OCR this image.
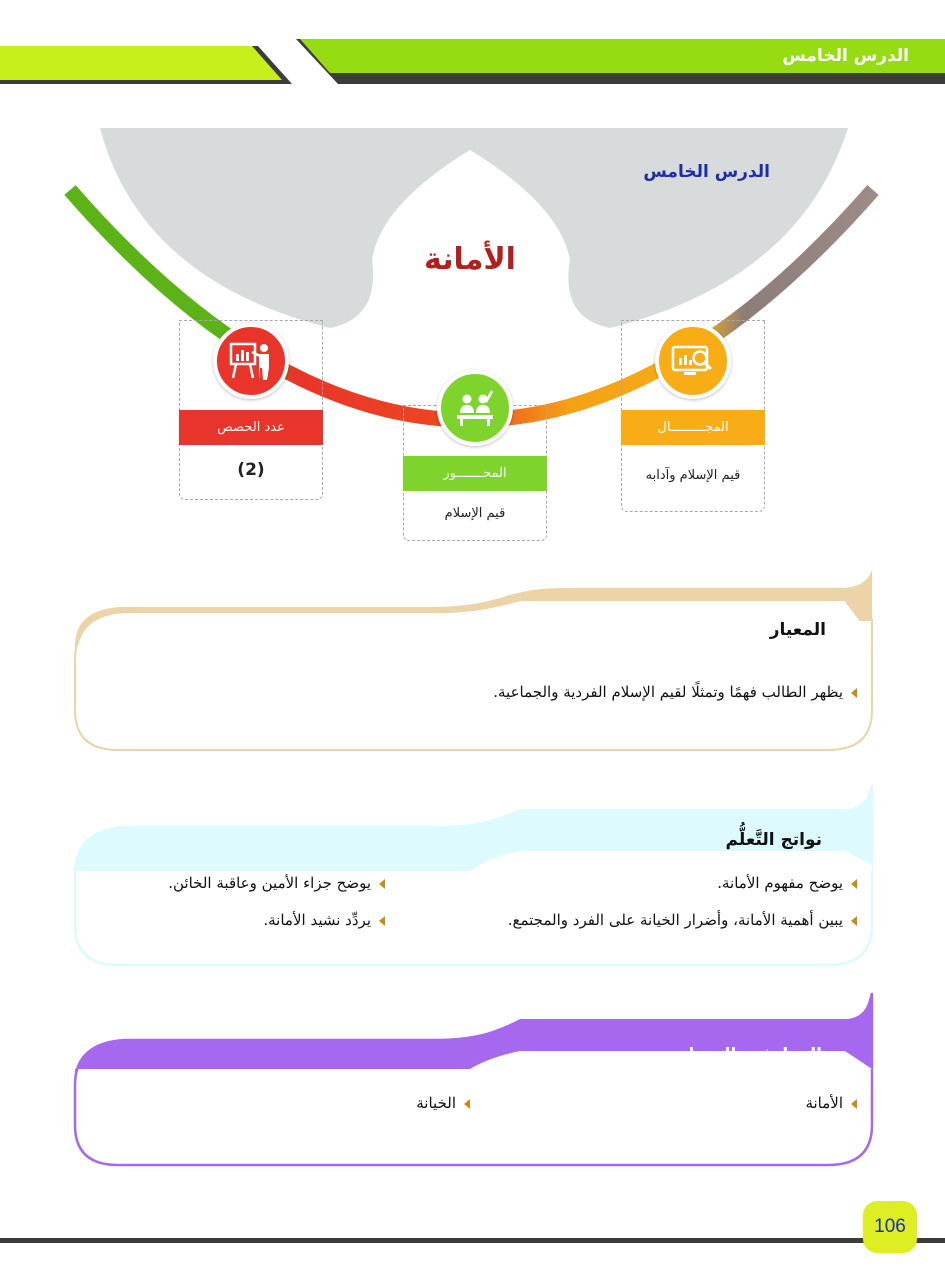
الدرس الخامس
الدرس الخامس
الأمانة
عدد الحصص
(2)	المحـــــــور
قيم الإسلام
المجـــــــــال
قيم الإسلام وآدابه
المعيار
يظهر الطالب فهمًا وتمثلًا لقيم الإسلام الفردية والجماعية.
نواتج التَّعلُّم
يوضح مفهوم الأمانة.
يبين أهمية الأمانة، وأضرار الخيانة على الفرد والمجتمع.
يوضح جزاء الأمين وعاقبة الخائن.
يردِّد نشيد الأمانة.
المعارف والخبرات
الأمانة
الخيانة
106
